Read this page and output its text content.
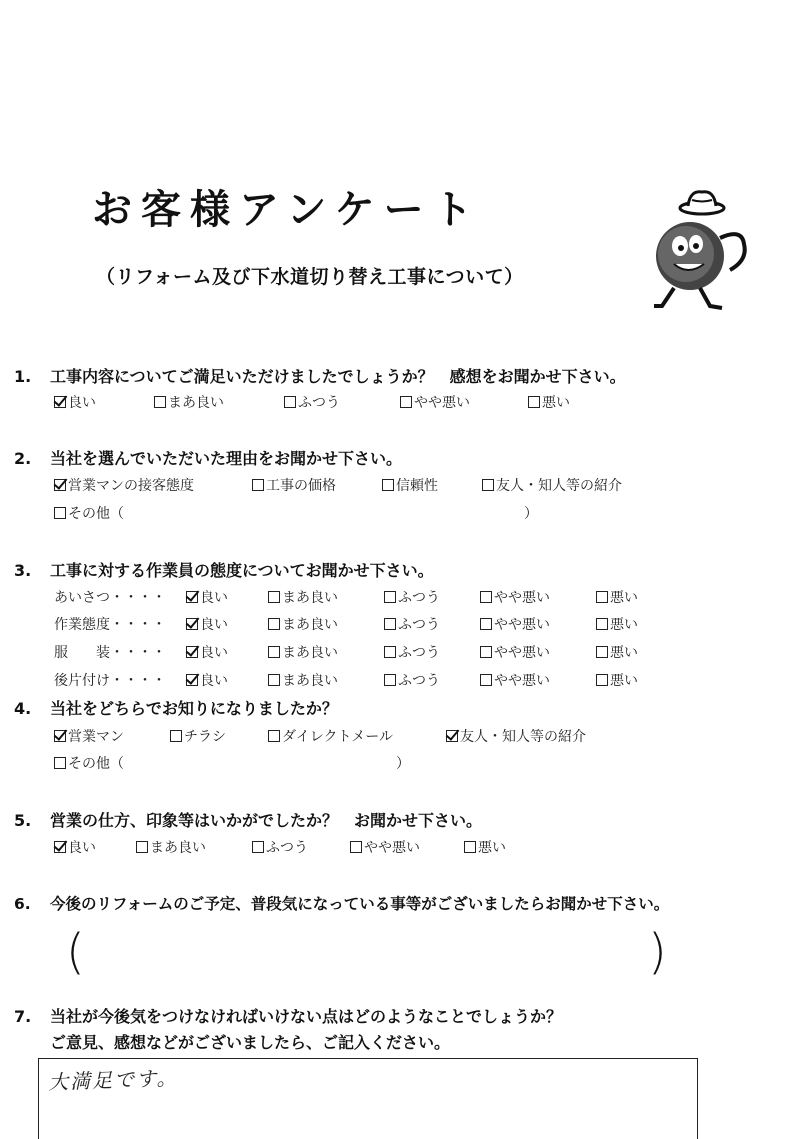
お客様アンケート
（リフォーム及び下水道切り替え工事について）
1. 工事内容についてご満足いただけましたでしょうか？　感想をお聞かせ下さい。
良い	まあ良い	ふつう	やや悪い	悪い
2. 当社を選んでいただいた理由をお聞かせ下さい。
営業マンの接客態度	工事の価格	信頼性	友人・知人等の紹介
その他（	）
3. 工事に対する作業員の態度についてお聞かせ下さい。
あいさつ・・・・ 良い	まあ良い	ふつう	やや悪い	悪い
作業態度・・・・ 良い	まあ良い	ふつう	やや悪い	悪い
服　　装・・・・ 良い	まあ良い	ふつう	やや悪い	悪い
後片付け・・・・ 良い	まあ良い	ふつう	やや悪い	悪い
4. 当社をどちらでお知りになりましたか？
営業マン	チラシ	ダイレクトメール	友人・知人等の紹介
その他（	）
5. 営業の仕方、印象等はいかがでしたか？　お聞かせ下さい。
良い	まあ良い	ふつう	やや悪い	悪い
6. 今後のリフォームのご予定、普段気になっている事等がございましたらお聞かせ下さい。
(	)
7. 当社が今後気をつけなければいけない点はどのようなことでしょうか？
ご意見、感想などがございましたら、ご記入ください。
大満足です。
